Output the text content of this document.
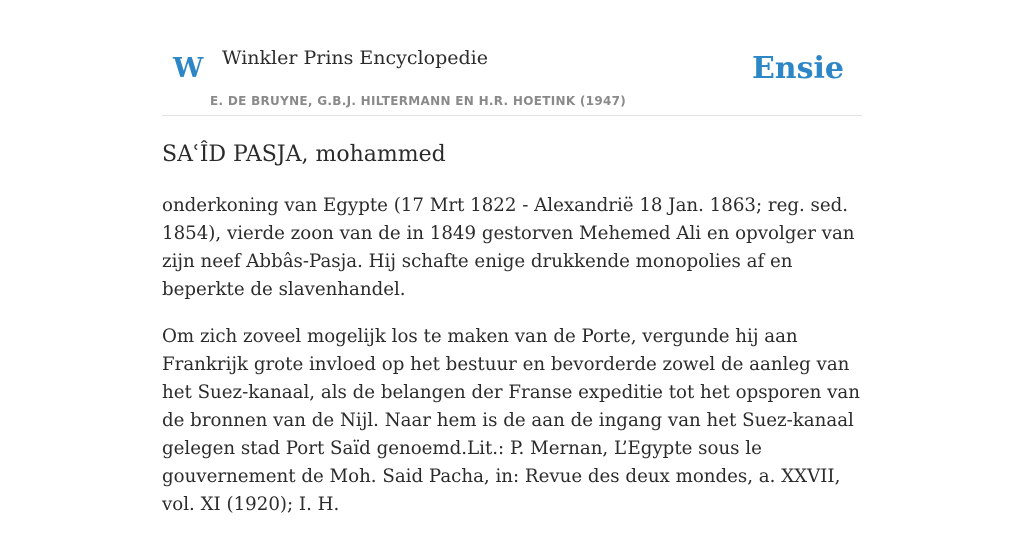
W Winkler Prins Encyclopedie
E. DE BRUYNE, G.B.J. HILTERMANN EN H.R. HOETINK (1947)
Ensie
SAʿÎD PASJA, mohammed

onderkoning van Egypte (17 Mrt 1822 - Alexandrië 18 Jan. 1863; reg. sed. 1854), vierde zoon van de in 1849 gestorven Mehemed Ali en opvolger van zijn neef Abbâs-Pasja. Hij schafte enige drukkende monopolies af en beperkte de slavenhandel.

Om zich zoveel mogelijk los te maken van de Porte, vergunde hij aan Frankrijk grote invloed op het bestuur en bevorderde zowel de aanleg van het Suez-kanaal, als de belangen der Franse expeditie tot het opsporen van de bronnen van de Nijl. Naar hem is de aan de ingang van het Suez-kanaal gelegen stad Port Saïd genoemd.Lit.: P. Mernan, L’Egypte sous le gouvernement de Moh. Said Pacha, in: Revue des deux mondes, a. XXVII, vol. XI (1920); I. H.
